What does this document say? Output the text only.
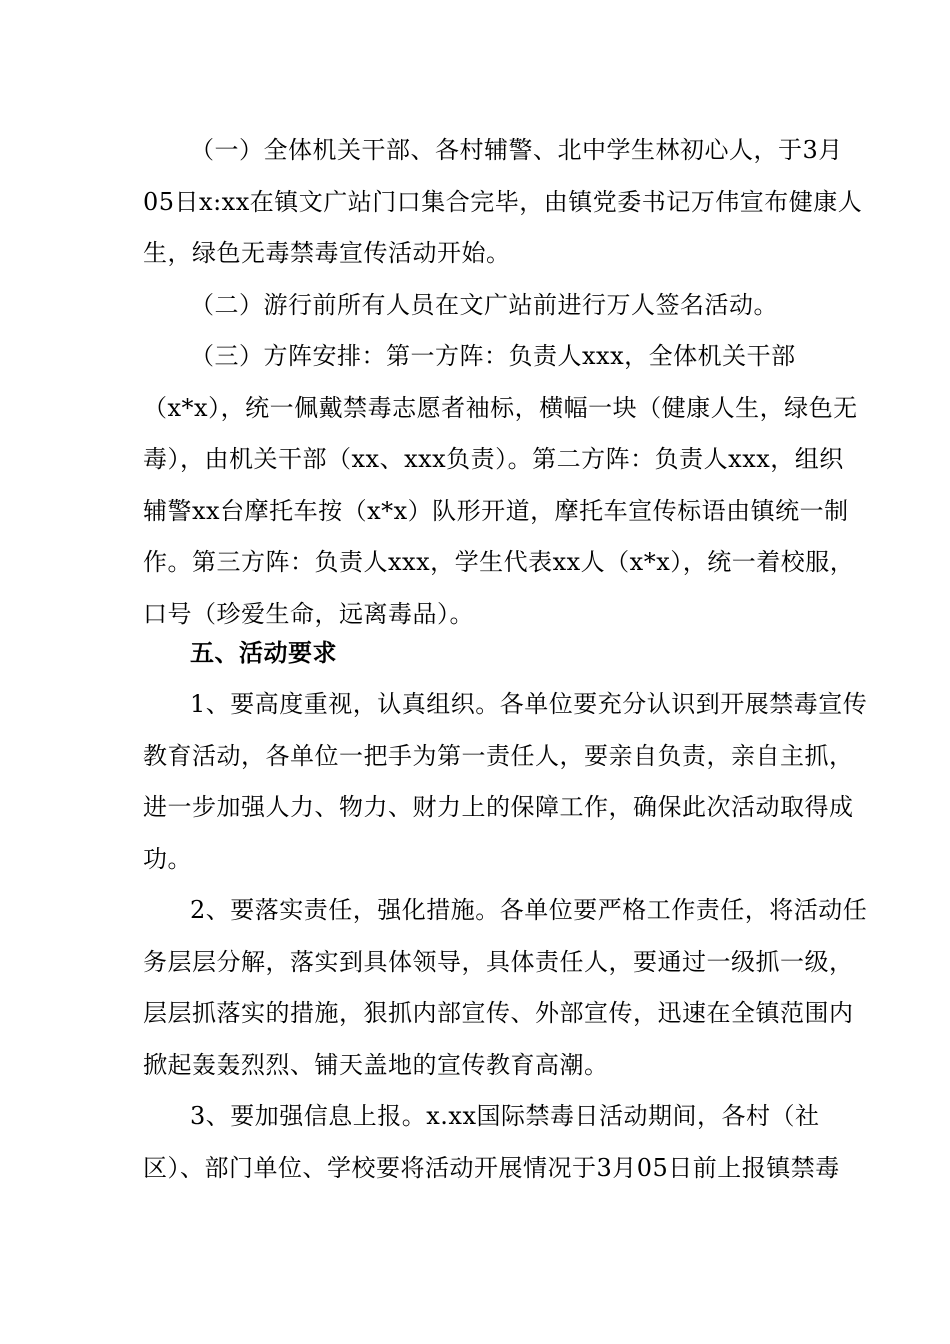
（一）全体机关干部、各村辅警、北中学生林初心人，于3月
05日x:xx在镇文广站门口集合完毕，由镇党委书记万伟宣布健康人
生，绿色无毒禁毒宣传活动开始。
（二）游行前所有人员在文广站前进行万人签名活动。
（三）方阵安排：第一方阵：负责人xxx，全体机关干部
（x*x），统一佩戴禁毒志愿者袖标，横幅一块（健康人生，绿色无
毒），由机关干部（xx、xxx负责）。第二方阵：负责人xxx，组织
辅警xx台摩托车按（x*x）队形开道，摩托车宣传标语由镇统一制
作。第三方阵：负责人xxx，学生代表xx人（x*x），统一着校服，
口号（珍爱生命，远离毒品）。
五、活动要求
1、要高度重视，认真组织。各单位要充分认识到开展禁毒宣传
教育活动，各单位一把手为第一责任人，要亲自负责，亲自主抓，
进一步加强人力、物力、财力上的保障工作，确保此次活动取得成
功。
2、要落实责任，强化措施。各单位要严格工作责任，将活动任
务层层分解，落实到具体领导，具体责任人，要通过一级抓一级，
层层抓落实的措施，狠抓内部宣传、外部宣传，迅速在全镇范围内
掀起轰轰烈烈、铺天盖地的宣传教育高潮。
3、要加强信息上报。x.xx国际禁毒日活动期间，各村（社
区）、部门单位、学校要将活动开展情况于3月05日前上报镇禁毒
